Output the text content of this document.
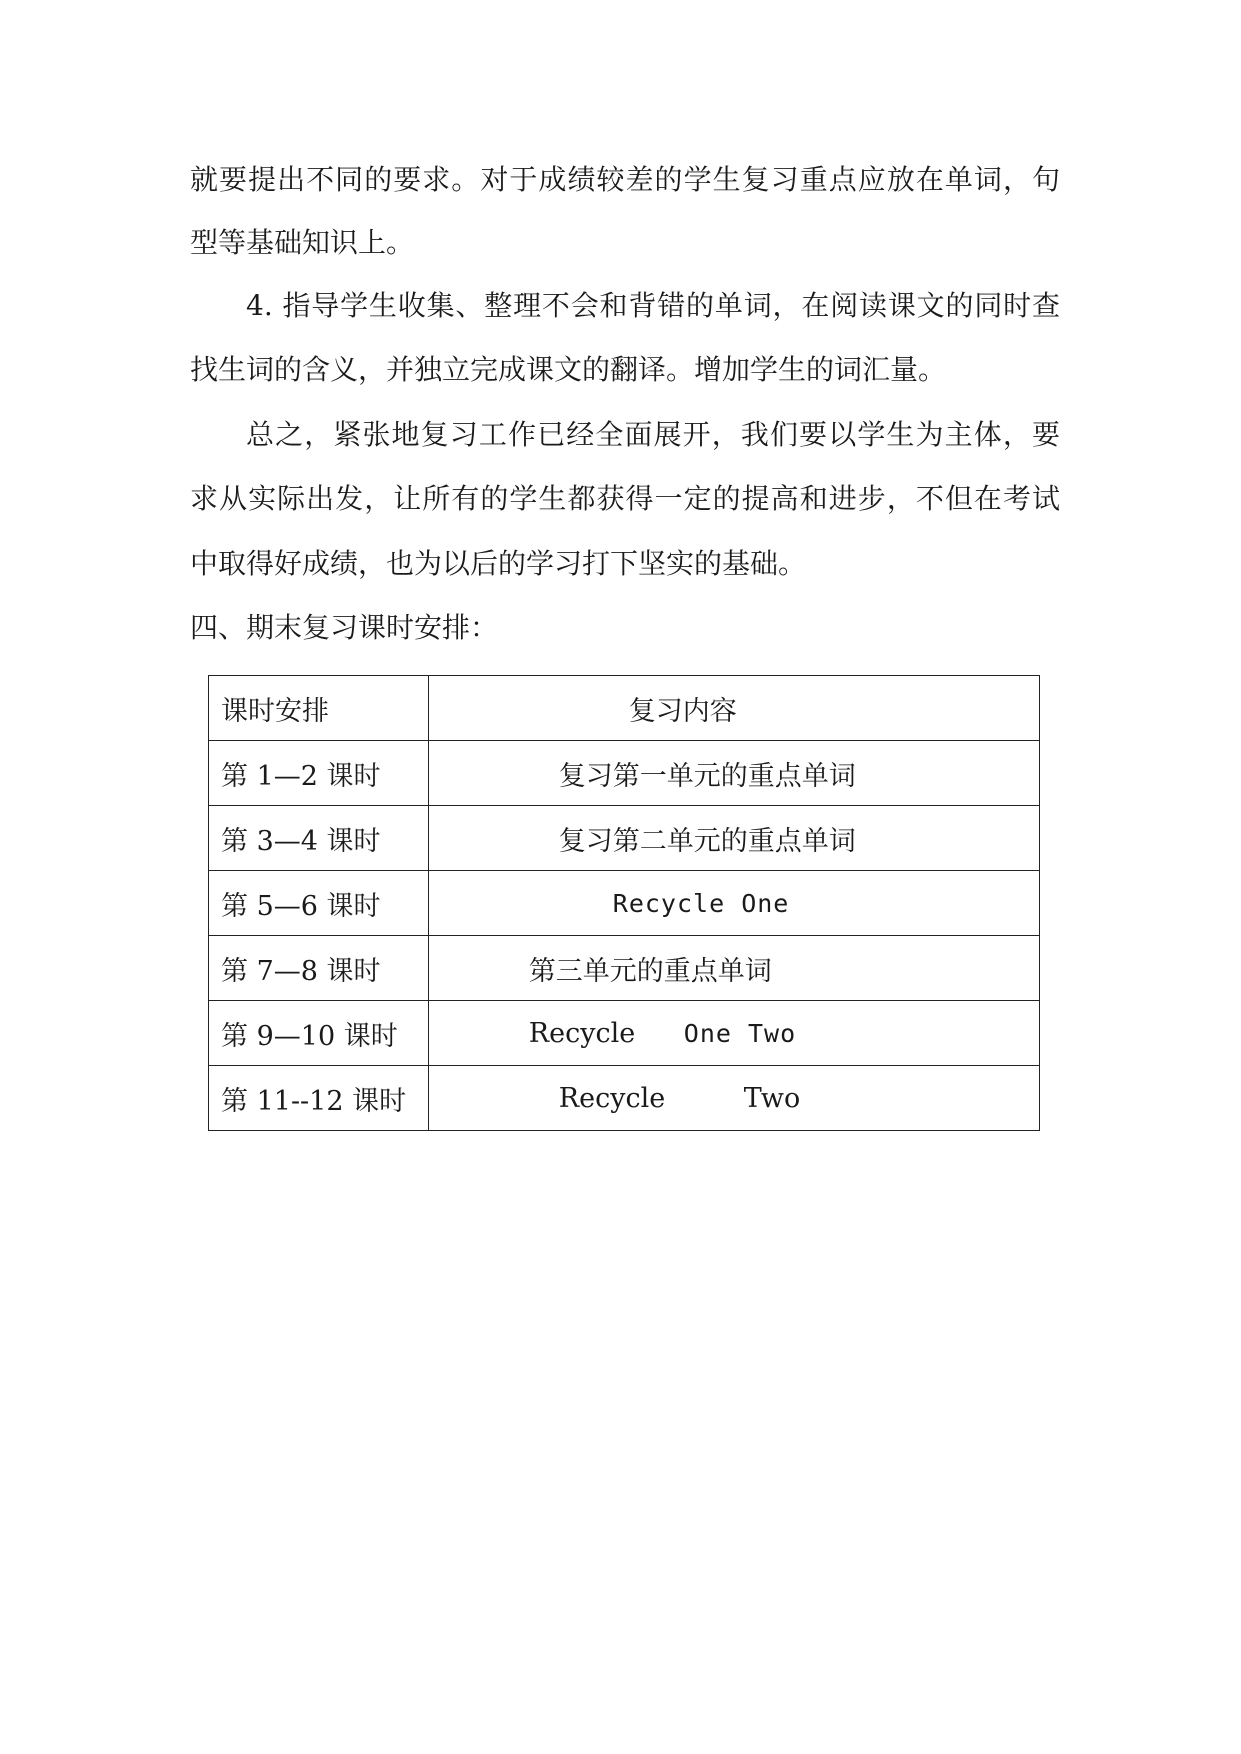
就要提出不同的要求。对于成绩较差的学生复习重点应放在单词，句
型等基础知识上。
4. 指导学生收集、整理不会和背错的单词，在阅读课文的同时查
找生词的含义，并独立完成课文的翻译。增加学生的词汇量。
总之，紧张地复习工作已经全面展开，我们要以学生为主体，要
求从实际出发，让所有的学生都获得一定的提高和进步，不但在考试
中取得好成绩，也为以后的学习打下坚实的基础。
四、期末复习课时安排：
课时安排	复习内容
第 1—2 课时	复习第一单元的重点单词
第 3—4 课时	复习第二单元的重点单词
第 5—6 课时	Recycle One
第 7—8 课时	第三单元的重点单词
第 9—10 课时	Recycle One Two
第 11--12 课时	Recycle Two
